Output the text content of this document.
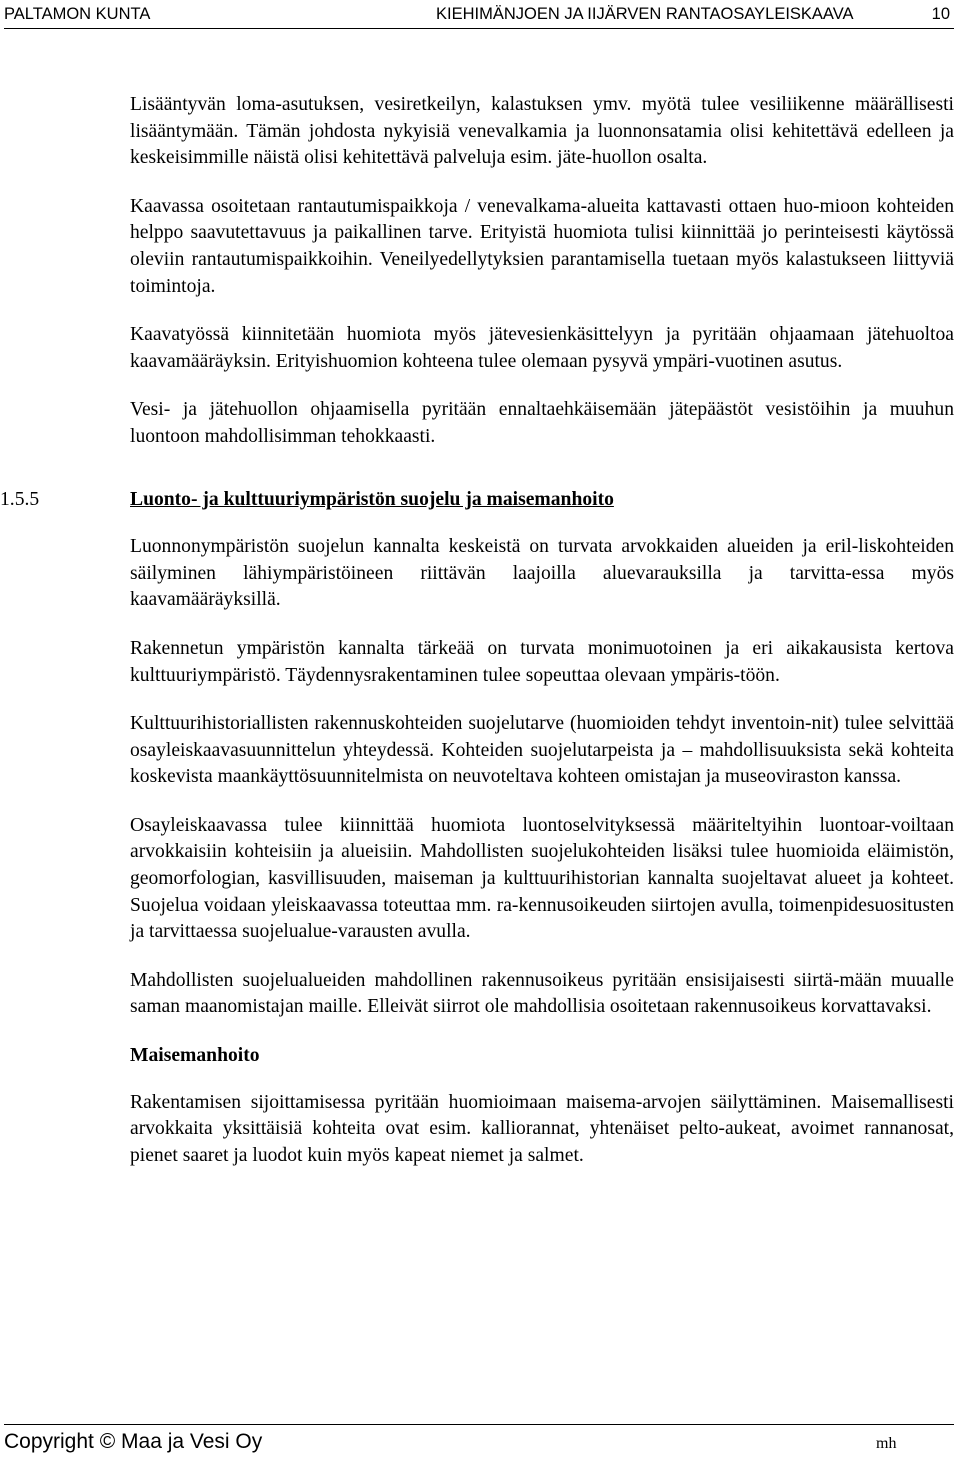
PALTAMON KUNTA	KIEHIMÄNJOEN JA IIJÄRVEN RANTAOSAYLEISKAAVA	10

Lisääntyvän loma-asutuksen, vesiretkeilyn, kalastuksen ymv. myötä tulee vesiliikenne määrällisesti lisääntymään. Tämän johdosta nykyisiä venevalkamia ja luonnonsatamia olisi kehitettävä edelleen ja keskeisimmille näistä olisi kehitettävä palveluja esim. jäte-huollon osalta.

Kaavassa osoitetaan rantautumispaikkoja / venevalkama-alueita kattavasti ottaen huo-mioon kohteiden helppo saavutettavuus ja paikallinen tarve. Erityistä huomiota tulisi kiinnittää jo perinteisesti käytössä oleviin rantautumispaikkoihin. Veneilyedellytyksien parantamisella tuetaan myös kalastukseen liittyviä toimintoja.

Kaavatyössä kiinnitetään huomiota myös jätevesienkäsittelyyn ja pyritään ohjaamaan jätehuoltoa kaavamääräyksin. Erityishuomion kohteena tulee olemaan pysyvä ympäri-vuotinen asutus.

Vesi- ja jätehuollon ohjaamisella pyritään ennaltaehkäisemään jätepäästöt vesistöihin ja muuhun luontoon mahdollisimman tehokkaasti.

1.5.5	Luonto- ja kulttuuriympäristön suojelu ja maisemanhoito

Luonnonympäristön suojelun kannalta keskeistä on turvata arvokkaiden alueiden ja eril-liskohteiden säilyminen lähiympäristöineen riittävän laajoilla aluevarauksilla ja tarvitta-essa myös kaavamääräyksillä.

Rakennetun ympäristön kannalta tärkeää on turvata monimuotoinen ja eri aikakausista kertova kulttuuriympäristö. Täydennysrakentaminen tulee sopeuttaa olevaan ympäris-töön.

Kulttuurihistoriallisten rakennuskohteiden suojelutarve (huomioiden tehdyt inventoin-nit) tulee selvittää osayleiskaavasuunnittelun yhteydessä. Kohteiden suojelutarpeista ja – mahdollisuuksista sekä kohteita koskevista maankäyttösuunnitelmista on neuvoteltava kohteen omistajan ja museoviraston kanssa.

Osayleiskaavassa tulee kiinnittää huomiota luontoselvityksessä määriteltyihin luontoar-voiltaan arvokkaisiin kohteisiin ja alueisiin. Mahdollisten suojelukohteiden lisäksi tulee huomioida eläimistön, geomorfologian, kasvillisuuden, maiseman ja kulttuurihistorian kannalta suojeltavat alueet ja kohteet. Suojelua voidaan yleiskaavassa toteuttaa mm. ra-kennusoikeuden siirtojen avulla, toimenpidesuositusten ja tarvittaessa suojelualue-varausten avulla.

Mahdollisten suojelualueiden mahdollinen rakennusoikeus pyritään ensisijaisesti siirtä-mään muualle saman maanomistajan maille. Elleivät siirrot ole mahdollisia osoitetaan rakennusoikeus korvattavaksi.

Maisemanhoito

Rakentamisen sijoittamisessa pyritään huomioimaan maisema-arvojen säilyttäminen. Maisemallisesti arvokkaita yksittäisiä kohteita ovat esim. kalliorannat, yhtenäiset pelto-aukeat, avoimet rannanosat, pienet saaret ja luodot kuin myös kapeat niemet ja salmet.

Copyright © Maa ja Vesi Oy	mh
